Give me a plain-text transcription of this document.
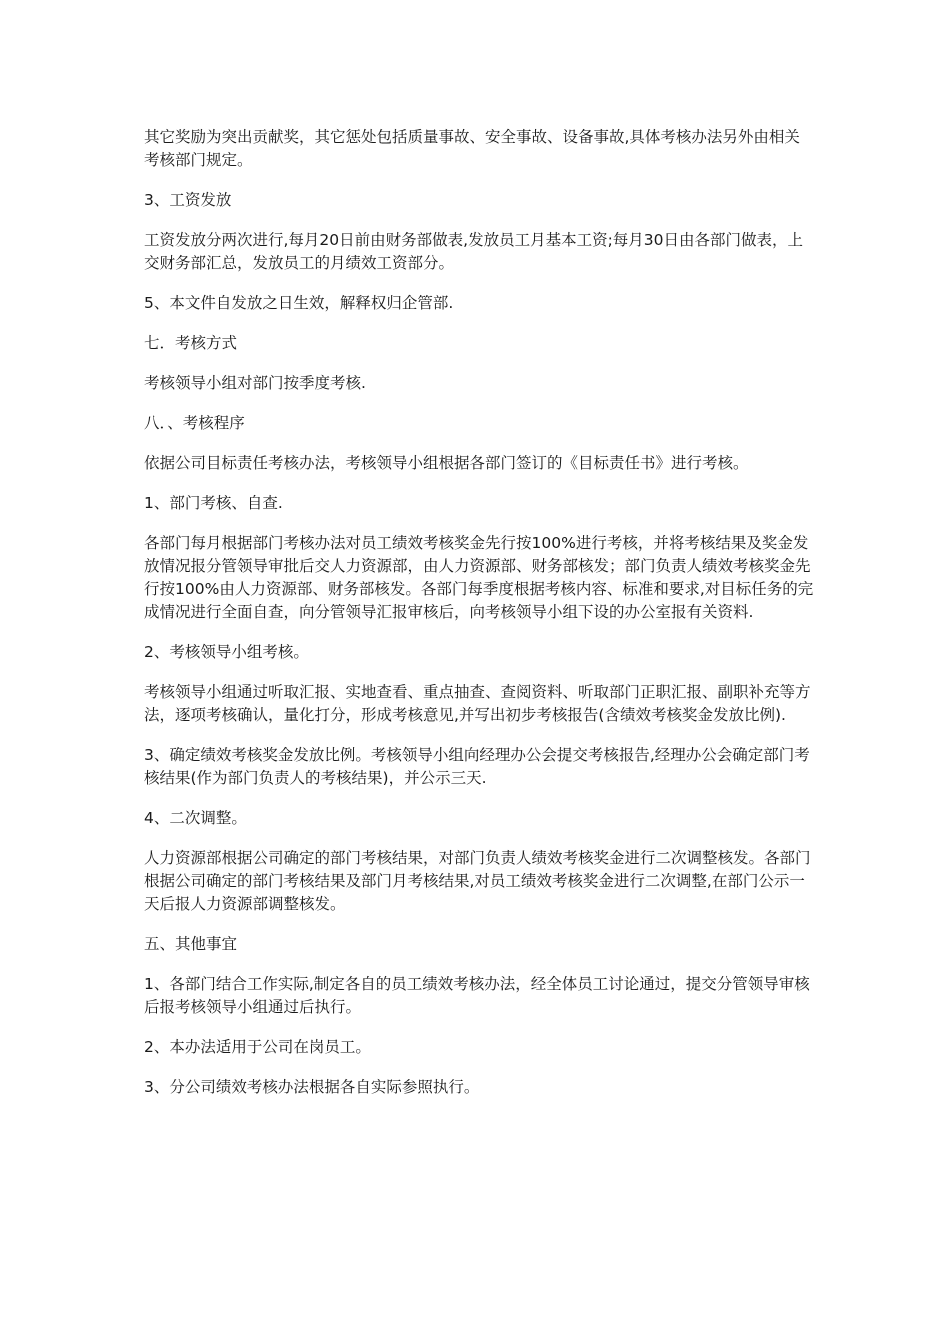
其它奖励为突出贡献奖，其它惩处包括质量事故、安全事故、设备事故,具体考核办法另外由相关考核部门规定。

3、工资发放

工资发放分两次进行,每月20日前由财务部做表,发放员工月基本工资;每月30日由各部门做表，上交财务部汇总，发放员工的月绩效工资部分。

5、本文件自发放之日生效，解释权归企管部.

七．考核方式

考核领导小组对部门按季度考核.

八．、考核程序

依据公司目标责任考核办法，考核领导小组根据各部门签订的《目标责任书》进行考核。

1、部门考核、自查.

各部门每月根据部门考核办法对员工绩效考核奖金先行按100%进行考核，并将考核结果及奖金发放情况报分管领导审批后交人力资源部，由人力资源部、财务部核发；部门负责人绩效考核奖金先行按100%由人力资源部、财务部核发。各部门每季度根据考核内容、标准和要求,对目标任务的完成情况进行全面自查，向分管领导汇报审核后，向考核领导小组下设的办公室报有关资料.

2、考核领导小组考核。

考核领导小组通过听取汇报、实地查看、重点抽查、查阅资料、听取部门正职汇报、副职补充等方法，逐项考核确认，量化打分，形成考核意见,并写出初步考核报告(含绩效考核奖金发放比例).

3、确定绩效考核奖金发放比例。考核领导小组向经理办公会提交考核报告,经理办公会确定部门考核结果(作为部门负责人的考核结果)，并公示三天.

4、二次调整。

人力资源部根据公司确定的部门考核结果，对部门负责人绩效考核奖金进行二次调整核发。各部门根据公司确定的部门考核结果及部门月考核结果,对员工绩效考核奖金进行二次调整,在部门公示一天后报人力资源部调整核发。

五、其他事宜

1、各部门结合工作实际,制定各自的员工绩效考核办法，经全体员工讨论通过，提交分管领导审核后报考核领导小组通过后执行。

2、本办法适用于公司在岗员工。

3、分公司绩效考核办法根据各自实际参照执行。
